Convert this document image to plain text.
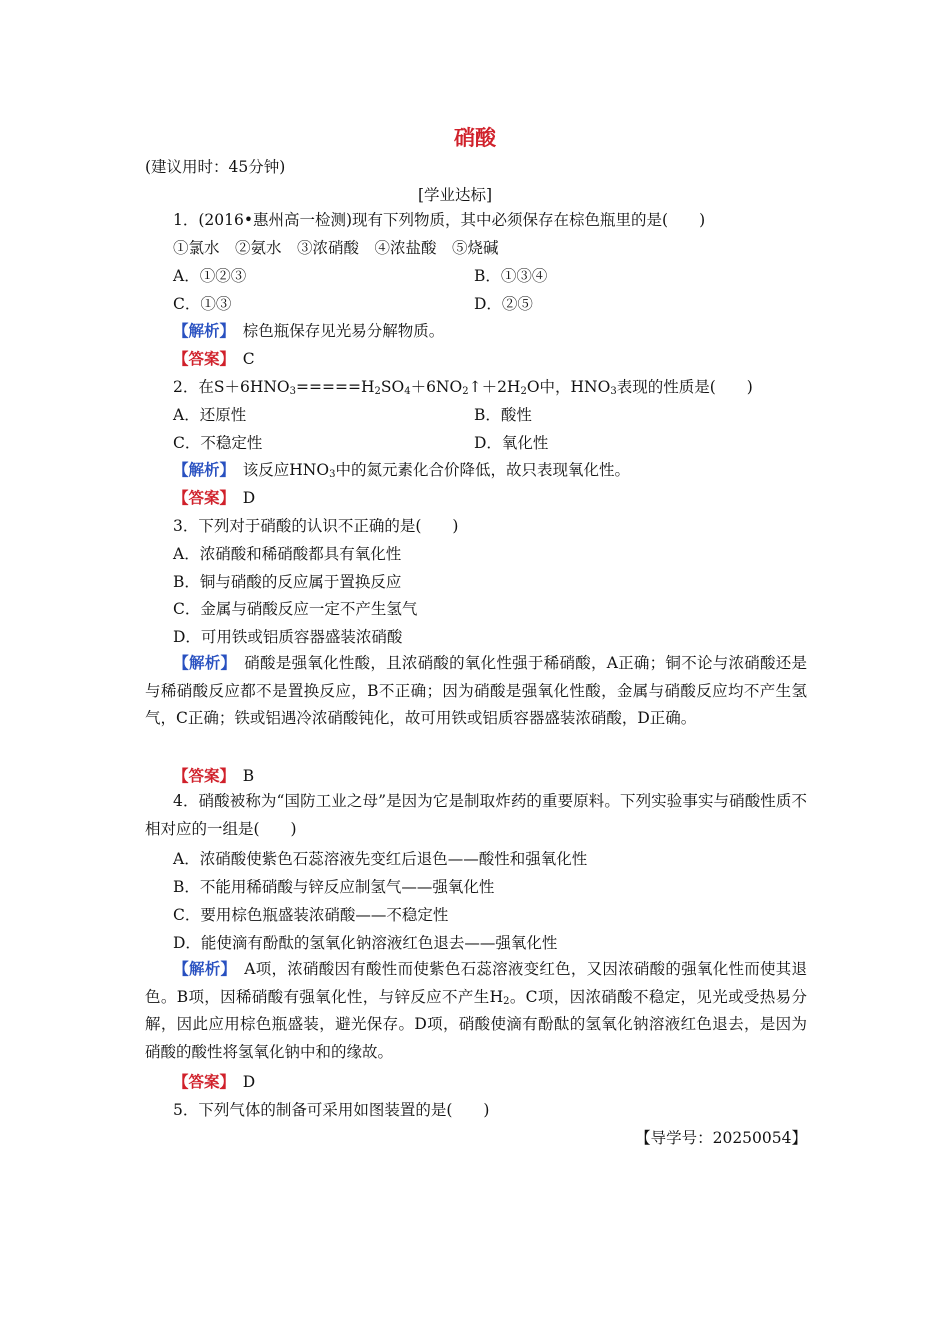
硝酸
(建议用时：45分钟)
[学业达标]
1．(2016•惠州高一检测)现有下列物质，其中必须保存在棕色瓶里的是(　　)
①氯水　②氨水　③浓硝酸　④浓盐酸　⑤烧碱
A．①②③	B．①③④
C．①③	D．②⑤
【解析】　棕色瓶保存见光易分解物质。
【答案】　C
2．在$S+6HNO_3=====H_2SO_4+6NO_2↑+2H_2O$中，$HNO_3$表现的性质是(　　)
A．还原性	B．酸性
C．不稳定性	D．氧化性
【解析】　该反应$HNO_3$中的氮元素化合价降低，故只表现氧化性。
【答案】　D
3．下列对于硝酸的认识不正确的是(　　)
A．浓硝酸和稀硝酸都具有氧化性
B．铜与硝酸的反应属于置换反应
C．金属与硝酸反应一定不产生氢气
D．可用铁或铝质容器盛装浓硝酸
【解析】　硝酸是强氧化性酸，且浓硝酸的氧化性强于稀硝酸，A正确；铜不论与浓硝酸还是与稀硝酸反应都不是置换反应，B不正确；因为硝酸是强氧化性酸，金属与硝酸反应均不产生氢气，C正确；铁或铝遇冷浓硝酸钝化，故可用铁或铝质容器盛装浓硝酸，D正确。
【答案】　B
4．硝酸被称为“国防工业之母”是因为它是制取炸药的重要原料。下列实验事实与硝酸性质不相对应的一组是(　　)
A．浓硝酸使紫色石蕊溶液先变红后退色——酸性和强氧化性
B．不能用稀硝酸与锌反应制氢气——强氧化性
C．要用棕色瓶盛装浓硝酸——不稳定性
D．能使滴有酚酞的氢氧化钠溶液红色退去——强氧化性
【解析】　A项，浓硝酸因有酸性而使紫色石蕊溶液变红色，又因浓硝酸的强氧化性而使其退色。B项，因稀硝酸有强氧化性，与锌反应不产生$H_2$。C项，因浓硝酸不稳定，见光或受热易分解，因此应用棕色瓶盛装，避光保存。D项，硝酸使滴有酚酞的氢氧化钠溶液红色退去，是因为硝酸的酸性将氢氧化钠中和的缘故。
【答案】　D
5．下列气体的制备可采用如图装置的是(　　)
【导学号：20250054】
